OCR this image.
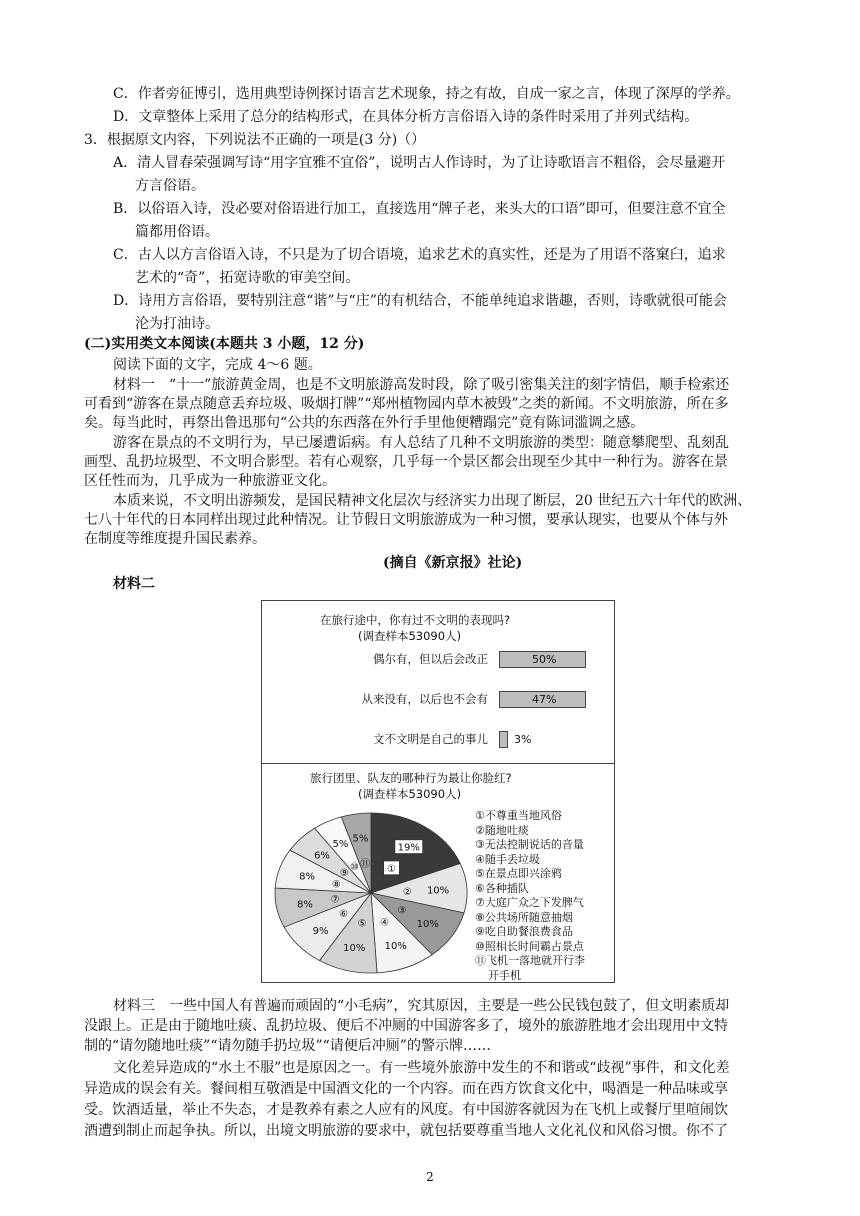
C．作者旁征博引，选用典型诗例探讨语言艺术现象，持之有故，自成一家之言，体现了深厚的学养。
D．文章整体上采用了总分的结构形式，在具体分析方言俗语入诗的条件时采用了并列式结构。
3．根据原文内容，下列说法不正确的一项是(3 分)（）
A．清人冒春荣强调写诗“用字宜雅不宜俗”，说明古人作诗时，为了让诗歌语言不粗俗，会尽量避开
方言俗语。
B．以俗语入诗，没必要对俗语进行加工，直接选用“牌子老，来头大的口语”即可，但要注意不宜全
篇都用俗语。
C．古人以方言俗语入诗，不只是为了切合语境，追求艺术的真实性，还是为了用语不落窠臼，追求
艺术的“奇”，拓宽诗歌的审美空间。
D．诗用方言俗语，要特别注意“谐”与“庄”的有机结合，不能单纯追求谐趣，否则，诗歌就很可能会
沦为打油诗。
(二)实用类文本阅读(本题共 3 小题，12 分)
阅读下面的文字，完成 4～6 题。
材料一　“十一”旅游黄金周，也是不文明旅游高发时段，除了吸引密集关注的刻字情侣，顺手检索还
可看到“游客在景点随意丢弃垃圾、吸烟打牌”“郑州植物园内草木被毁”之类的新闻。不文明旅游，所在多
矣。每当此时，再祭出鲁迅那句“公共的东西落在外行手里他便糟蹋完”竟有陈词滥调之感。
游客在景点的不文明行为，早已屡遭诟病。有人总结了几种不文明旅游的类型：随意攀爬型、乱刻乱
画型、乱扔垃圾型、不文明合影型。若有心观察，几乎每一个景区都会出现至少其中一种行为。游客在景
区任性而为，几乎成为一种旅游亚文化。
本质来说，不文明出游频发，是国民精神文化层次与经济实力出现了断层，20 世纪五六十年代的欧洲、
七八十年代的日本同样出现过此种情况。让节假日文明旅游成为一种习惯，要承认现实，也要从个体与外
在制度等维度提升国民素养。
(摘自《新京报》社论)
材料二
材料三　一些中国人有普遍而顽固的“小毛病”，究其原因，主要是一些公民钱包鼓了，但文明素质却
没跟上。正是由于随地吐痰、乱扔垃圾、便后不冲厕的中国游客多了，境外的旅游胜地才会出现用中文特
制的“请勿随地吐痰”“请勿随手扔垃圾”“请便后冲厕”的警示牌……
文化差异造成的“水土不服”也是原因之一。有一些境外旅游中发生的不和谐或“歧视”事件，和文化差
异造成的误会有关。餐间相互敬酒是中国酒文化的一个内容。而在西方饮食文化中，喝酒是一种品味或享
受。饮酒适量，举止不失态，才是教养有素之人应有的风度。有中国游客就因为在飞机上或餐厅里喧闹饮
酒遭到制止而起争执。所以，出境文明旅游的要求中，就包括要尊重当地人文化礼仪和风俗习惯。你不了
在旅行途中，你有过不文明的表现吗?
(调查样本53090人)
偶尔有，但以后会改正	50%
从来没有，以后也不会有	47%
文不文明是自己的事儿 3%
旅行团里、队友的哪种行为最让你脸红?
(调查样本53090人)
19%
①
10%
②
10%
③
10%
④
10%
⑤
9%
⑥
8% ⑦
8%
⑧
6%
⑨
5%
⑩
5%
⑪
①不尊重当地风俗
②随地吐痰
③无法控制说话的音量
④随手丢垃圾
⑤在景点即兴涂鸦
⑥各种插队
⑦大庭广众之下发脾气
⑧公共场所随意抽烟
⑨吃自助餐浪费食品
⑩照相长时间霸占景点
⑪飞机一落地就开行李
开手机
2
